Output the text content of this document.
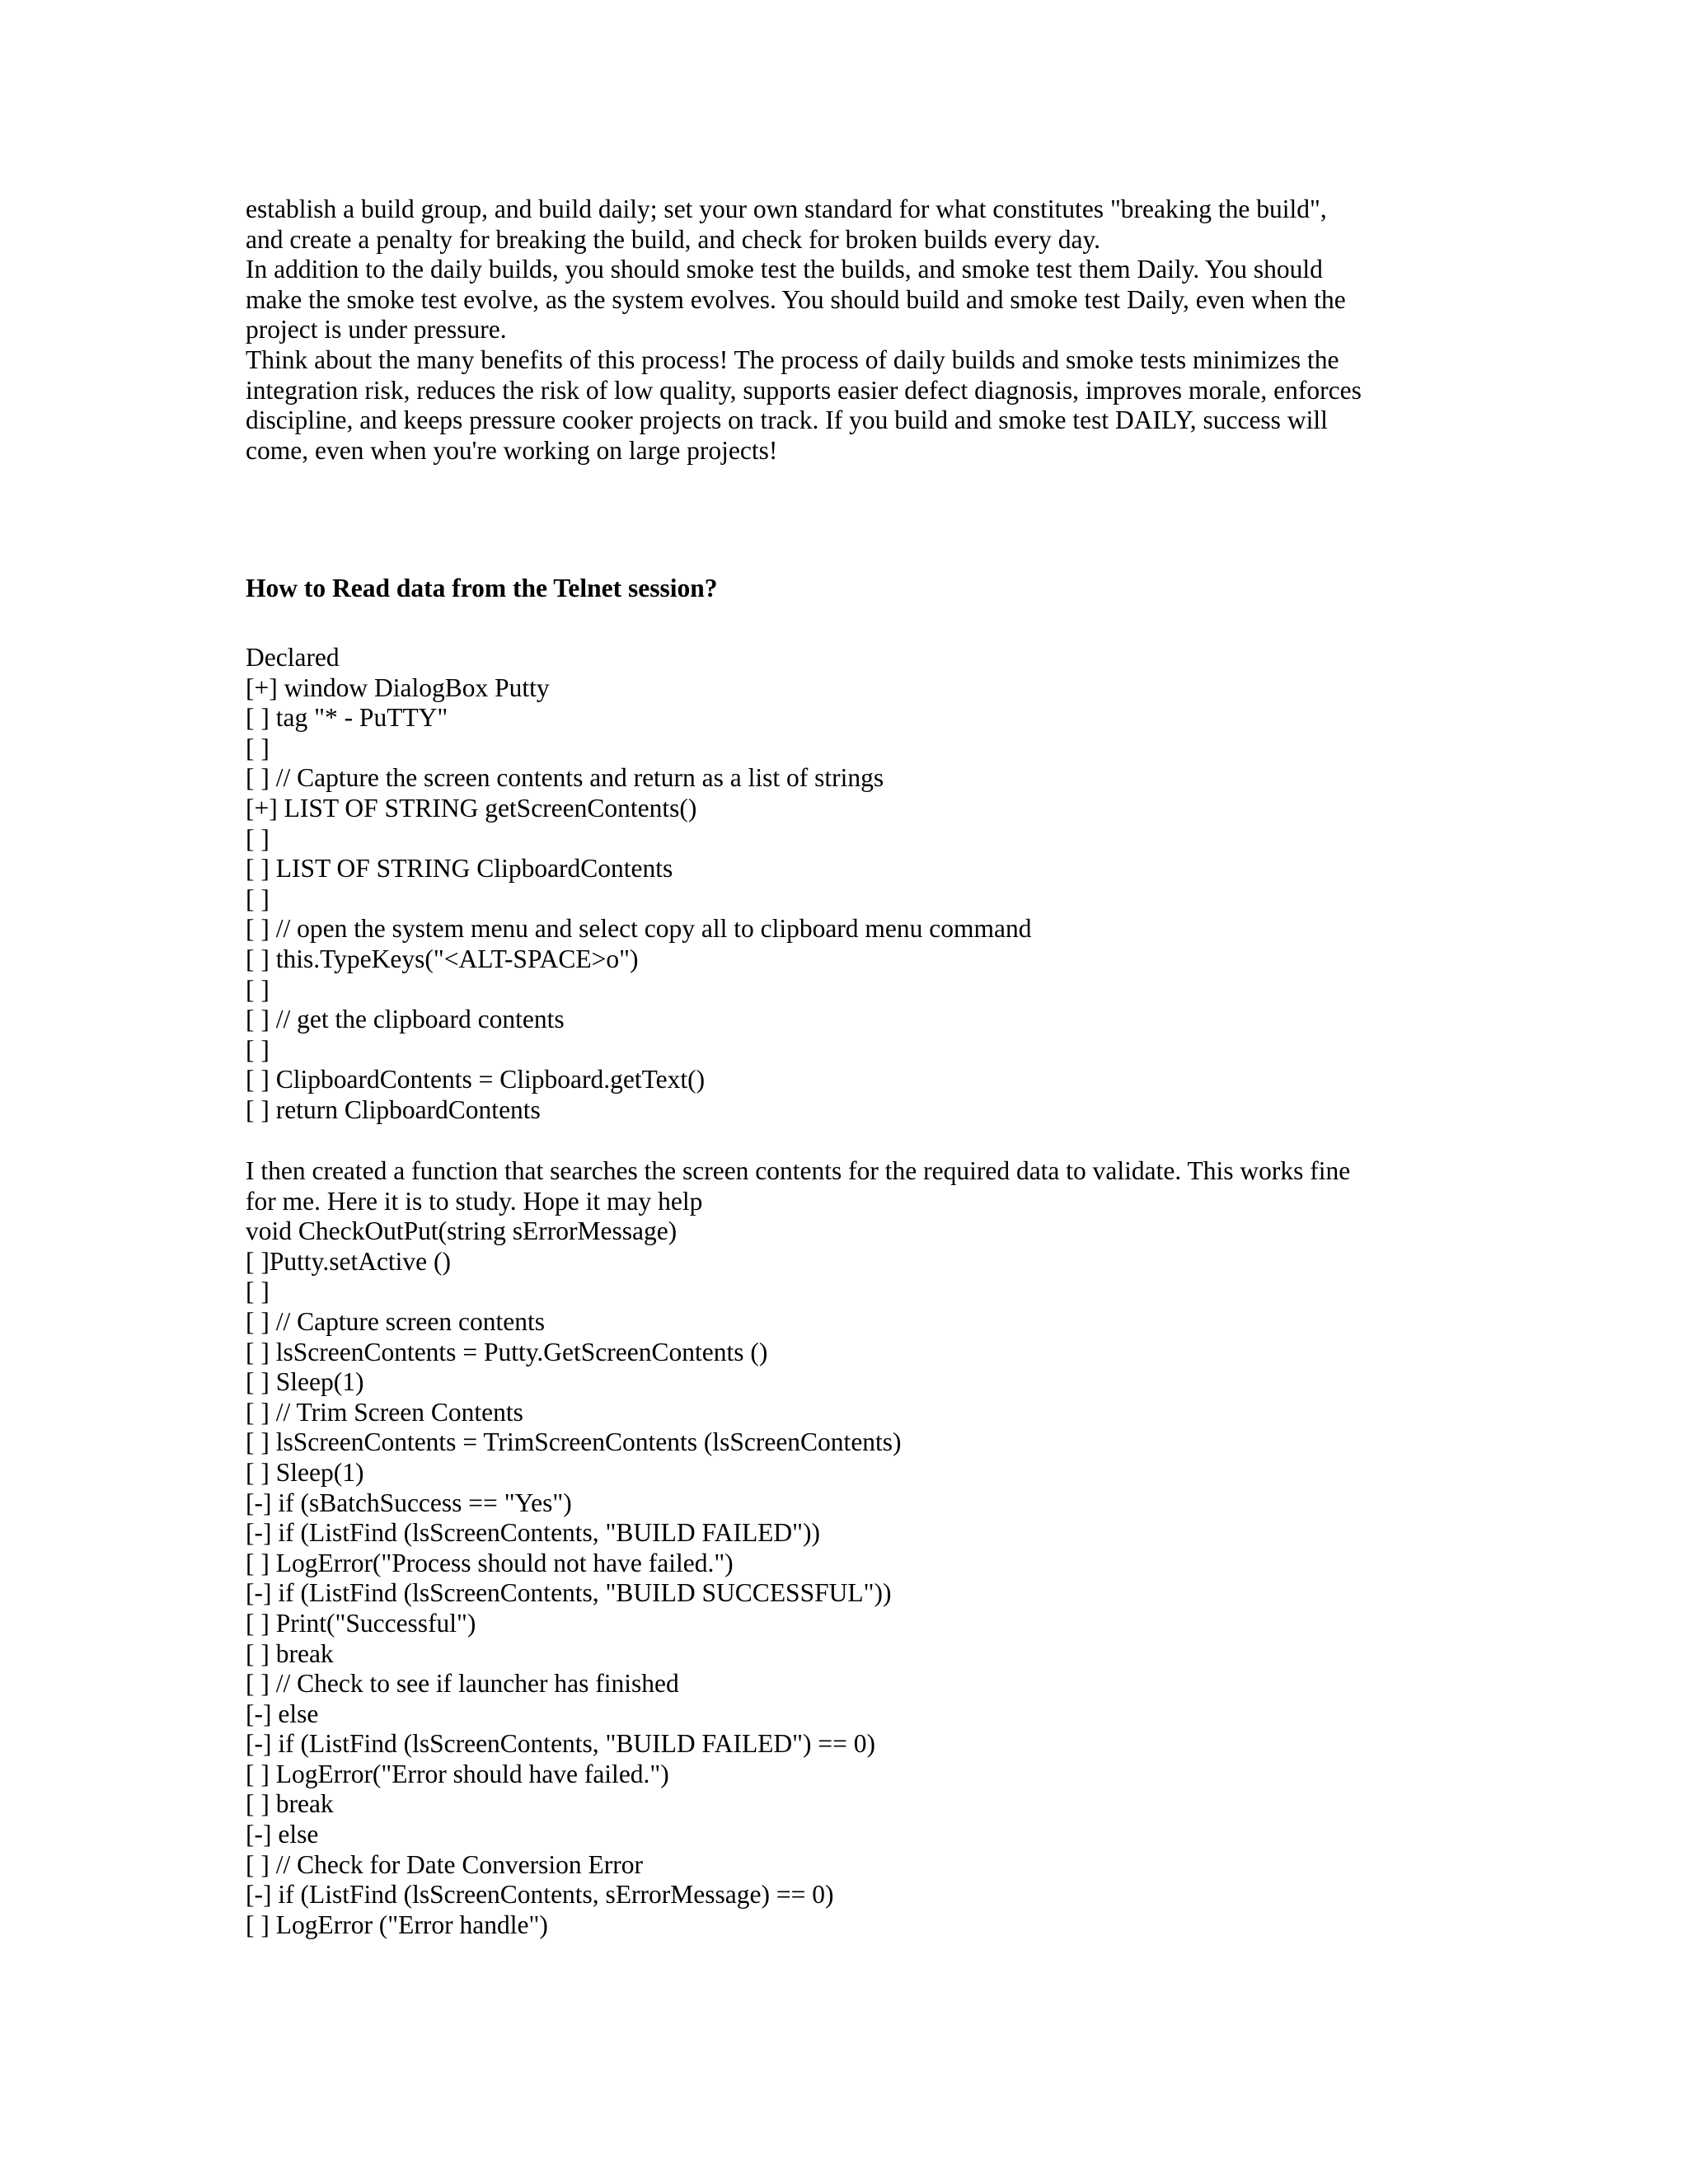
establish a build group, and build daily; set your own standard for what constitutes "breaking the build",
and create a penalty for breaking the build, and check for broken builds every day.

In addition to the daily builds, you should smoke test the builds, and smoke test them Daily. You should
make the smoke test evolve, as the system evolves. You should build and smoke test Daily, even when the
project is under pressure.

Think about the many benefits of this process! The process of daily builds and smoke tests minimizes the
integration risk, reduces the risk of low quality, supports easier defect diagnosis, improves morale, enforces
discipline, and keeps pressure cooker projects on track. If you build and smoke test DAILY, success will
come, even when you're working on large projects!

How to Read data from the Telnet session?
Declared
[+] window DialogBox Putty
[ ] tag "* - PuTTY"
[ ]
[ ] // Capture the screen contents and return as a list of strings
[+] LIST OF STRING getScreenContents()
[ ]
[ ] LIST OF STRING ClipboardContents
[ ]
[ ] // open the system menu and select copy all to clipboard menu command
[ ] this.TypeKeys("<ALT-SPACE>o")
[ ]
[ ] // get the clipboard contents
[ ]
[ ] ClipboardContents = Clipboard.getText()
[ ] return ClipboardContents
I then created a function that searches the screen contents for the required data to validate. This works fine
for me. Here it is to study. Hope it may help
void CheckOutPut(string sErrorMessage)
[ ]Putty.setActive ()
[ ]
[ ] // Capture screen contents
[ ] lsScreenContents = Putty.GetScreenContents ()
[ ] Sleep(1)
[ ] // Trim Screen Contents
[ ] lsScreenContents = TrimScreenContents (lsScreenContents)
[ ] Sleep(1)
[-] if (sBatchSuccess == "Yes")
[-] if (ListFind (lsScreenContents, "BUILD FAILED"))
[ ] LogError("Process should not have failed.")
[-] if (ListFind (lsScreenContents, "BUILD SUCCESSFUL"))
[ ] Print("Successful")
[ ] break
[ ] // Check to see if launcher has finished
[-] else
[-] if (ListFind (lsScreenContents, "BUILD FAILED") == 0)
[ ] LogError("Error should have failed.")
[ ] break
[-] else
[ ] // Check for Date Conversion Error
[-] if (ListFind (lsScreenContents, sErrorMessage) == 0)
[ ] LogError ("Error handle")
